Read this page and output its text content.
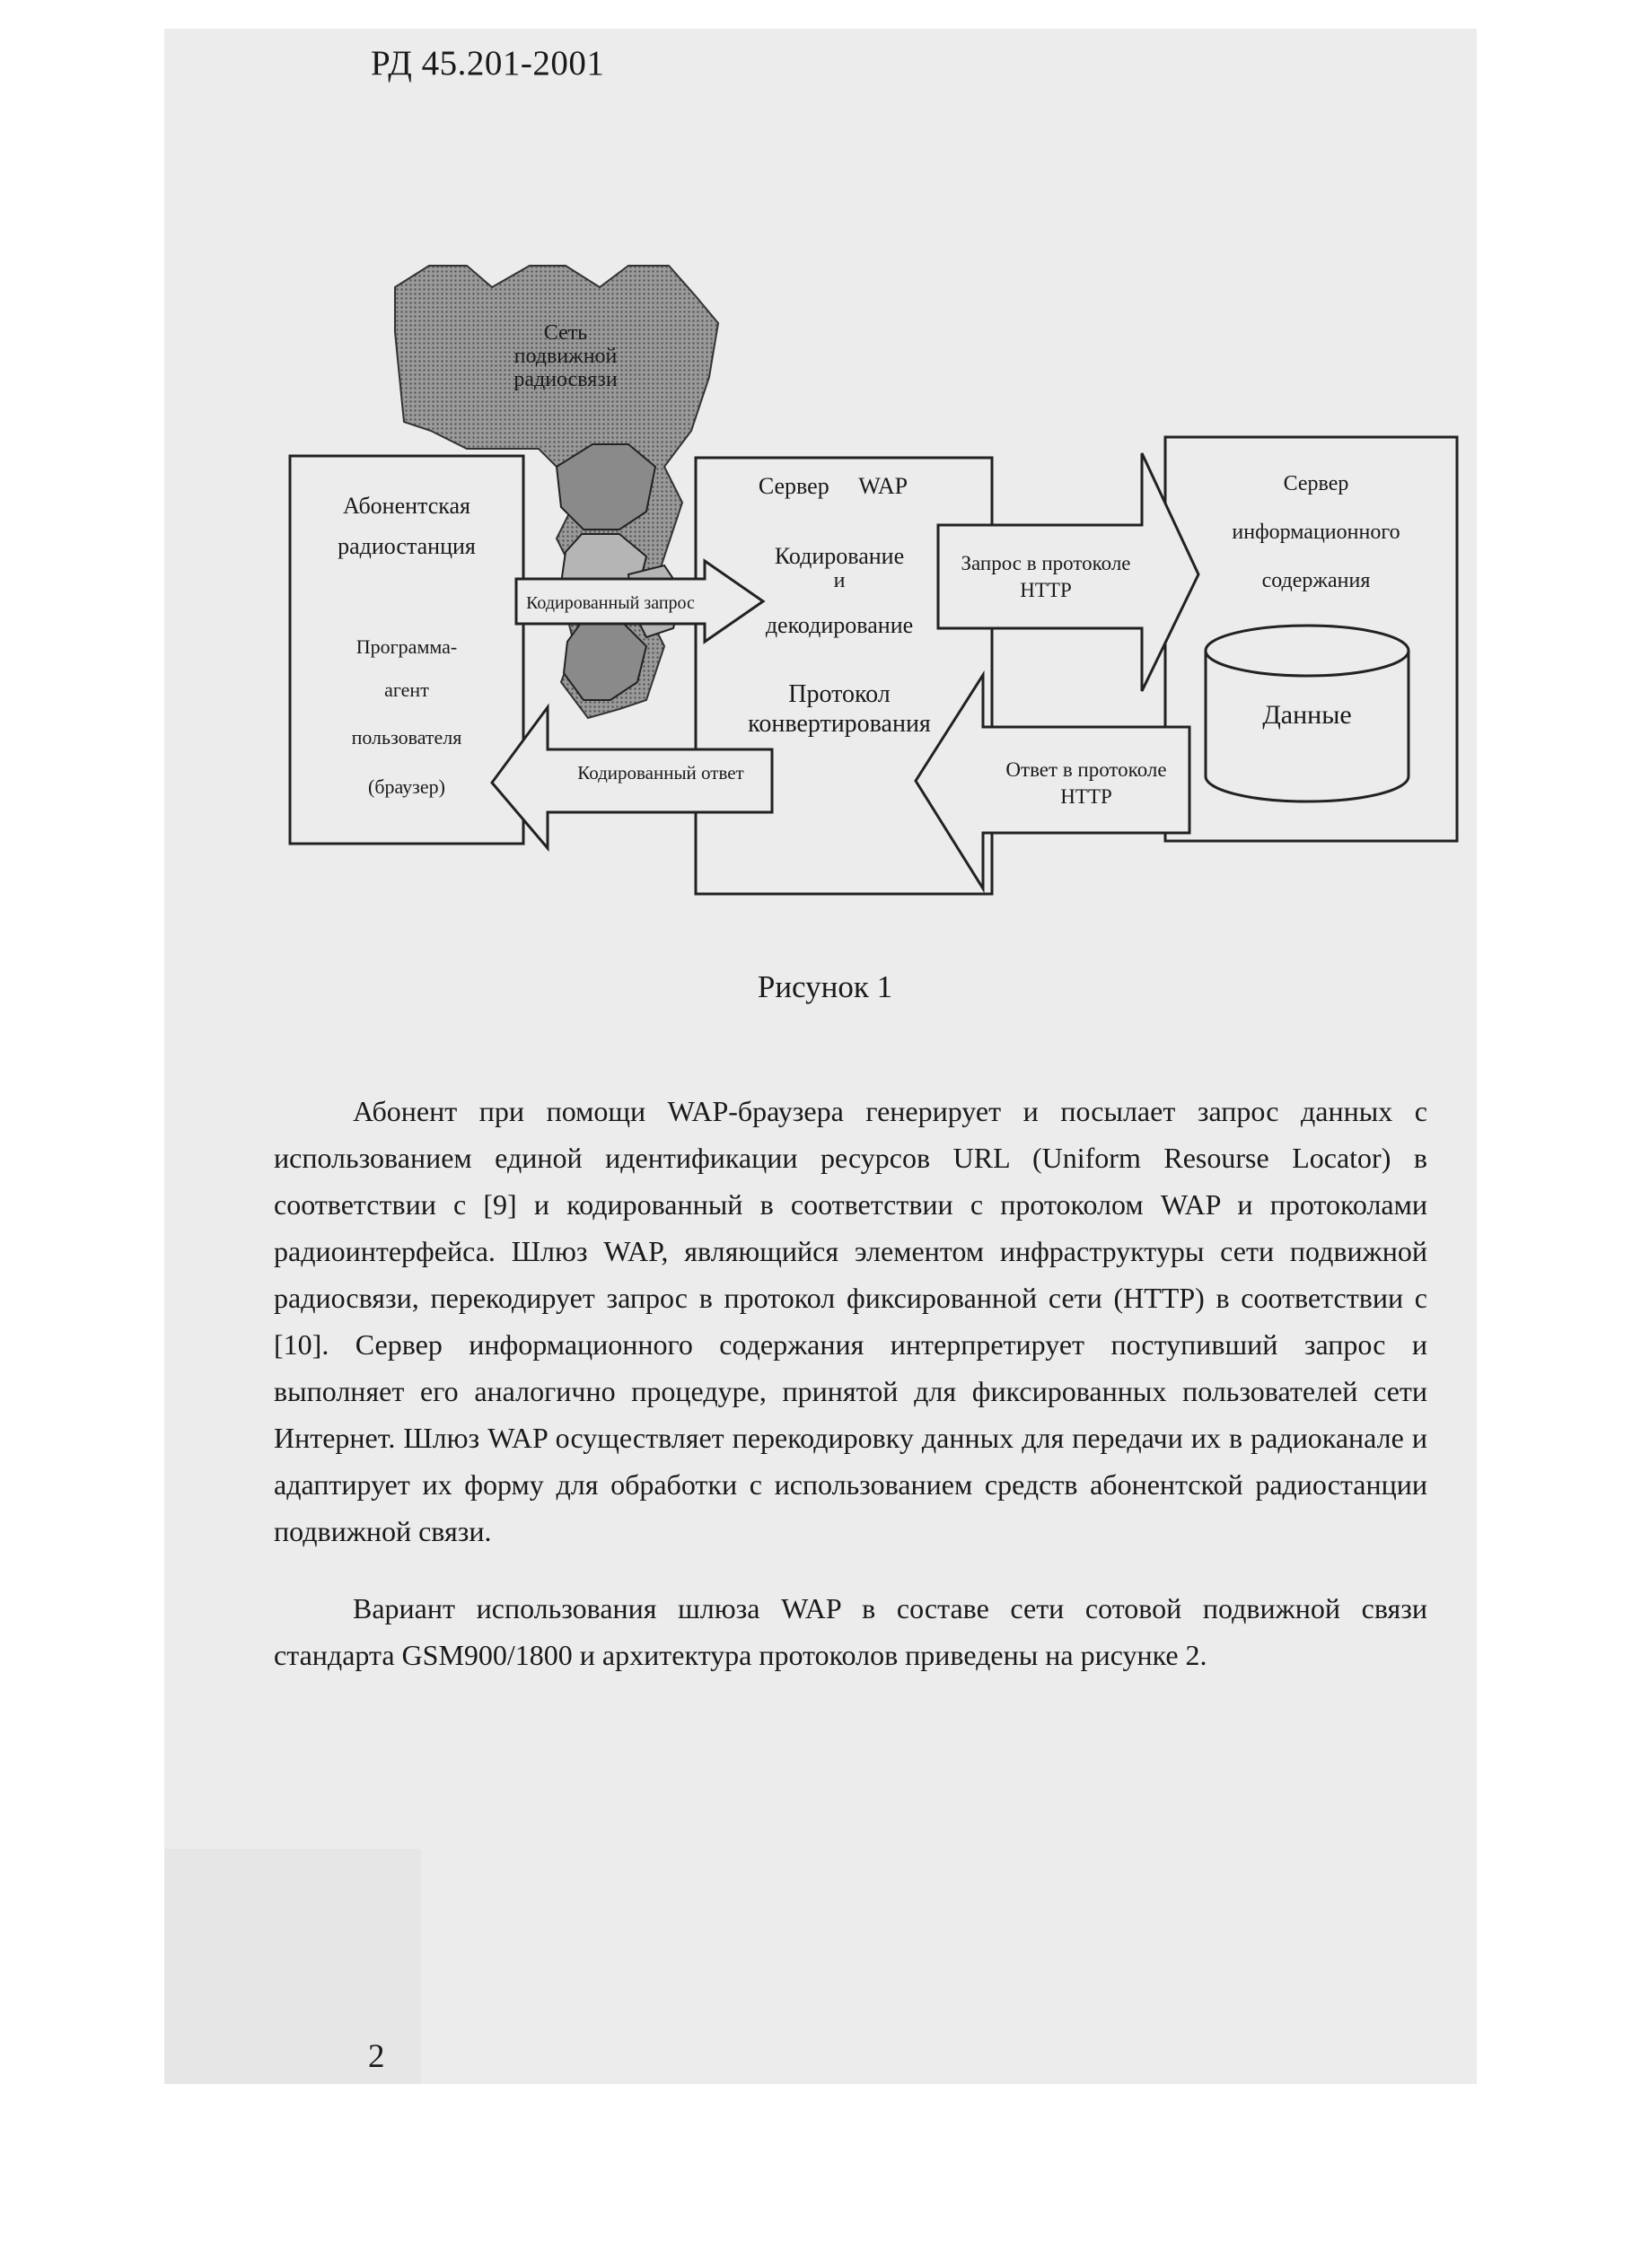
РД 45.201-2001
Сеть
подвижной
радиосвязи
Абонентская
радиостанция
Программа-
агент
пользователя
(браузер)
Сервер     WAP
Кодирование
и
декодирование
Протокол
конвертирования
Сервер
информационного
содержания
Данные
Кодированный запрос
Кодированный ответ
Запрос в протоколе
HTTP
Ответ в протоколе
HTTP
Рисунок 1

Абонент при помощи WAP-браузера генерирует и посылает запрос данных с использованием единой идентификации ресурсов URL (Uniform Resourse Locator) в соответствии с [9] и кодированный в соответствии с протоколом WAP и протоколами радиоинтерфейса. Шлюз WAP, являющийся элементом инфраструктуры сети подвижной радиосвязи, перекодирует запрос в протокол фиксированной сети (HTTP) в соответствии с [10]. Сервер информационного содержания интерпретирует поступивший запрос и выполняет его аналогично процедуре, принятой для фиксированных пользователей сети Интернет. Шлюз WAP осуществляет перекодировку данных для передачи их в радиоканале и адаптирует их форму для обработки с использованием средств абонентской радиостанции подвижной связи.

Вариант использования шлюза WAP в составе сети сотовой подвижной связи стандарта GSM900/1800 и архитектура протоколов приведены на рисунке 2.

2
